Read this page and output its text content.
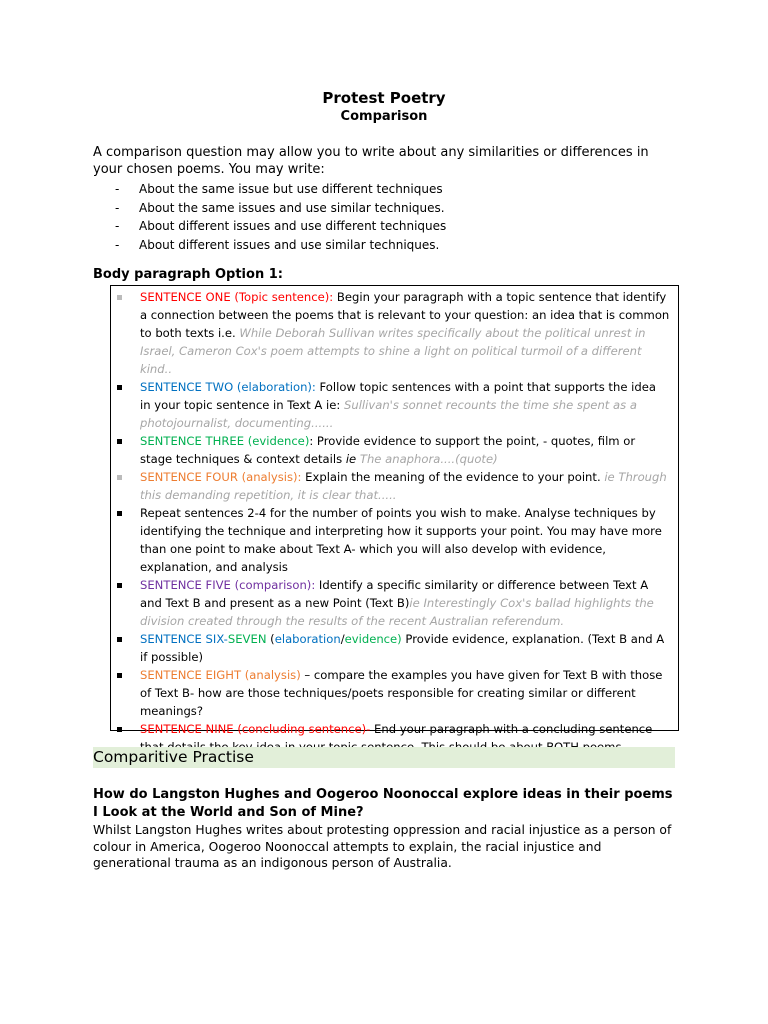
Protest Poetry
Comparison
A comparison question may allow you to write about any similarities or differences in your chosen poems. You may write:
- About the same issue but use different techniques
- About the same issues and use similar techniques.
- About different issues and use different techniques
- About different issues and use similar techniques.
Body paragraph Option 1:
SENTENCE ONE (Topic sentence): Begin your paragraph with a topic sentence that identify a connection between the poems that is relevant to your question: an idea that is common to both texts i.e. While Deborah Sullivan writes specifically about the political unrest in Israel, Cameron Cox's poem attempts to shine a light on political turmoil of a different kind..
SENTENCE TWO (elaboration): Follow topic sentences with a point that supports the idea in your topic sentence in Text A ie: Sullivan's sonnet recounts the time she spent as a photojournalist, documenting......
SENTENCE THREE (evidence): Provide evidence to support the point, - quotes, film or stage techniques & context details ie The anaphora....(quote)
SENTENCE FOUR (analysis): Explain the meaning of the evidence to your point. ie Through this demanding repetition, it is clear that.....
Repeat sentences 2-4 for the number of points you wish to make. Analyse techniques by identifying the technique and interpreting how it supports your point. You may have more than one point to make about Text A- which you will also develop with evidence, explanation, and analysis
SENTENCE FIVE (comparison): Identify a specific similarity or difference between Text A and Text B and present as a new Point (Text B)ie Interestingly Cox's ballad highlights the division created through the results of the recent Australian referendum.
SENTENCE SIX-SEVEN (elaboration/evidence) Provide evidence, explanation. (Text B and A if possible)
SENTENCE EIGHT (analysis) – compare the examples you have given for Text B with those of Text B- how are those techniques/poets responsible for creating similar or different meanings?
SENTENCE NINE (concluding sentence)- End your paragraph with a concluding sentence
Comparitive Practise
How do Langston Hughes and Oogeroo Noonoccal explore ideas in their poems I Look at the World and Son of Mine?
Whilst Langston Hughes writes about protesting oppression and racial injustice as a person of colour in America, Oogeroo Noonoccal attempts to explain, the racial injustice and generational trauma as an indigonous person of Australia.
